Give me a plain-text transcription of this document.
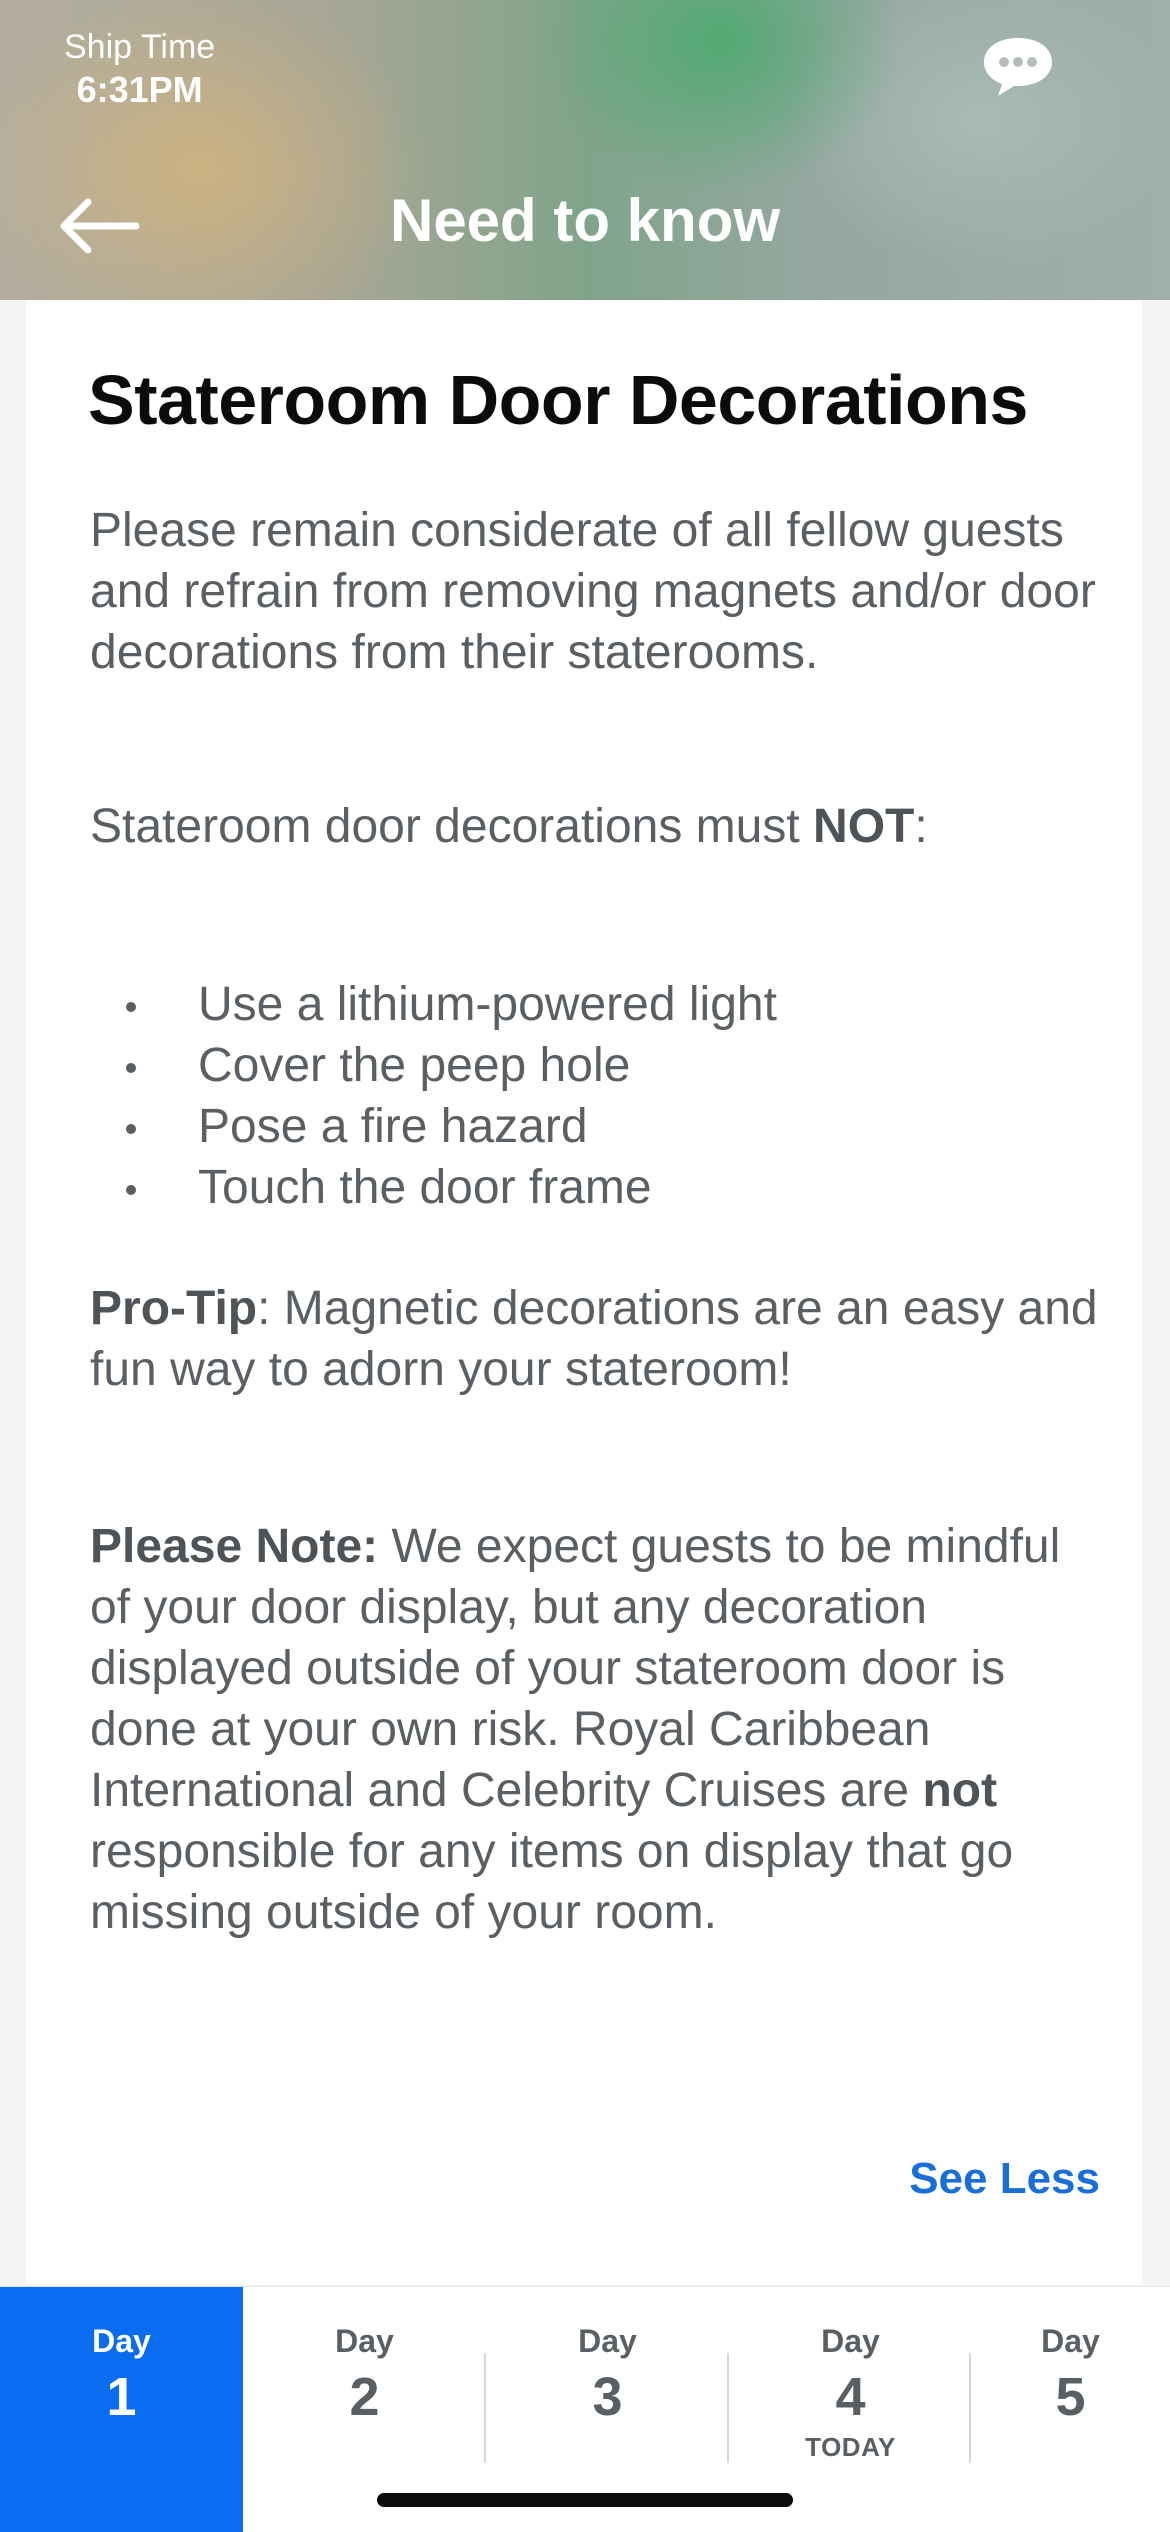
Ship Time
6:31PM
Need to know
Stateroom Door Decorations

Please remain considerate of all fellow guests and refrain from removing magnets and/or door decorations from their staterooms.

Stateroom door decorations must NOT:

Use a lithium-powered light
Cover the peep hole
Pose a fire hazard
Touch the door frame

Pro-Tip: Magnetic decorations are an easy and fun way to adorn your stateroom!

Please Note: We expect guests to be mindful of your door display, but any decoration displayed outside of your stateroom door is done at your own risk. Royal Caribbean International and Celebrity Cruises are not responsible for any items on display that go missing outside of your room.

See Less
Day
1
Day
2
Day
3
Day
4
TODAY
Day
5
